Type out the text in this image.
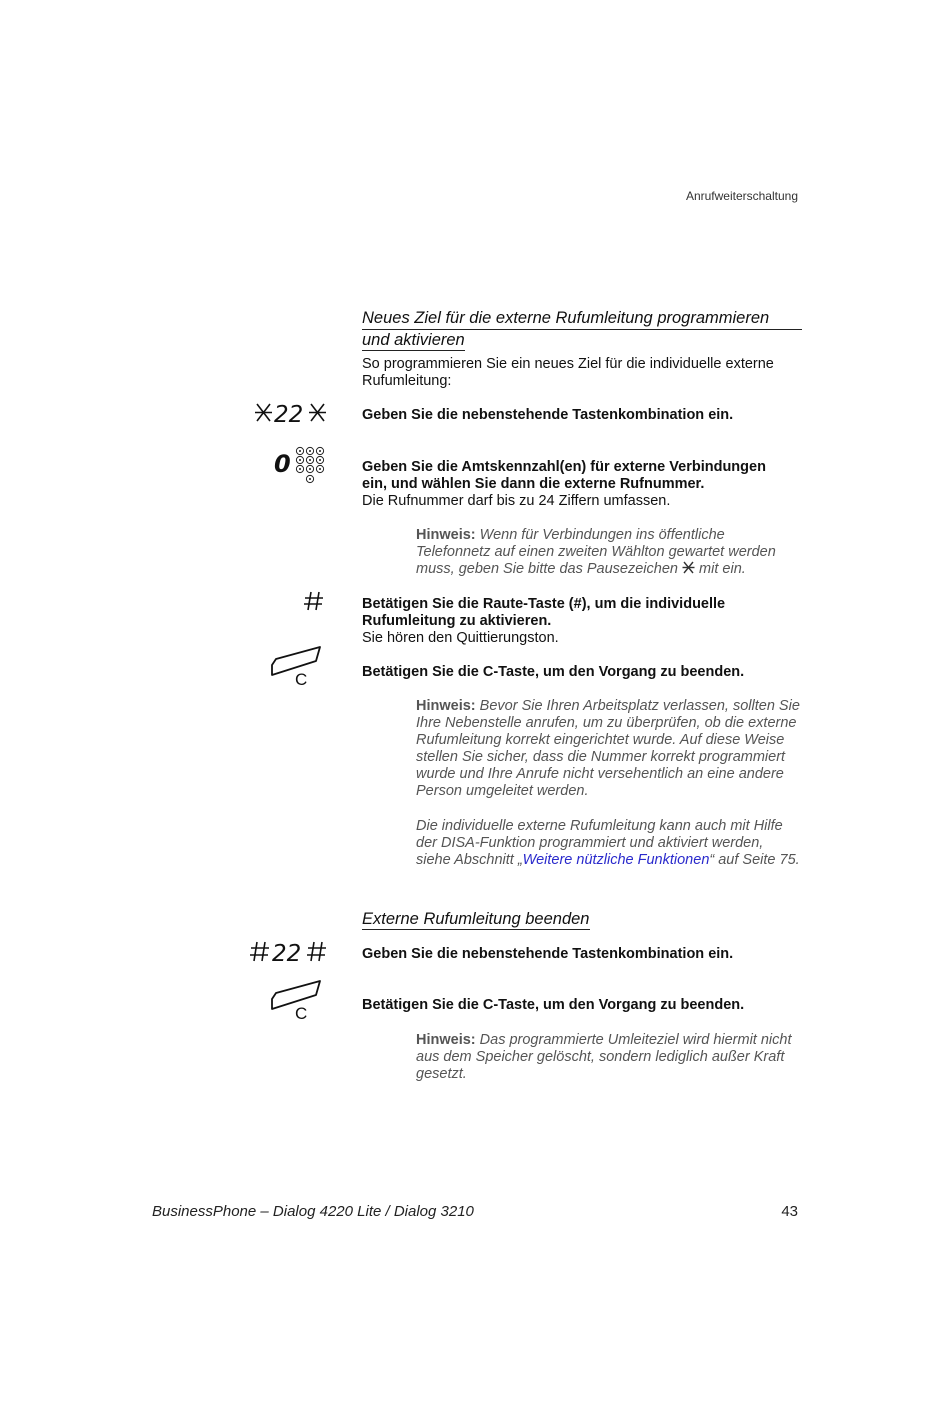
Anrufweiterschaltung
Neues Ziel für die externe Rufumleitung programmieren
und aktivieren
So programmieren Sie ein neues Ziel für die individuelle externe
Rufumleitung:
22	Geben Sie die nebenstehende Tastenkombination ein.
0	Geben Sie die Amtskennzahl(en) für externe Verbindungen
ein, und wählen Sie dann die externe Rufnummer.
Die Rufnummer darf bis zu 24 Ziffern umfassen.
Hinweis: Wenn für Verbindungen ins öffentliche
Telefonnetz auf einen zweiten Wählton gewartet werden
muss, geben Sie bitte das Pausezeichen mit ein.
Betätigen Sie die Raute-Taste (#), um die individuelle
Rufumleitung zu aktivieren.
Sie hören den Quittierungston.
C	Betätigen Sie die C-Taste, um den Vorgang zu beenden.
Hinweis: Bevor Sie Ihren Arbeitsplatz verlassen, sollten Sie
Ihre Nebenstelle anrufen, um zu überprüfen, ob die externe
Rufumleitung korrekt eingerichtet wurde. Auf diese Weise
stellen Sie sicher, dass die Nummer korrekt programmiert
wurde und Ihre Anrufe nicht versehentlich an eine andere
Person umgeleitet werden.
Die individuelle externe Rufumleitung kann auch mit Hilfe
der DISA-Funktion programmiert und aktiviert werden,
siehe Abschnitt „Weitere nützliche Funktionen“ auf Seite 75.
Externe Rufumleitung beenden
22	Geben Sie die nebenstehende Tastenkombination ein.
C	Betätigen Sie die C-Taste, um den Vorgang zu beenden.
Hinweis: Das programmierte Umleiteziel wird hiermit nicht
aus dem Speicher gelöscht, sondern lediglich außer Kraft
gesetzt.
BusinessPhone – Dialog 4220 Lite / Dialog 3210	43
